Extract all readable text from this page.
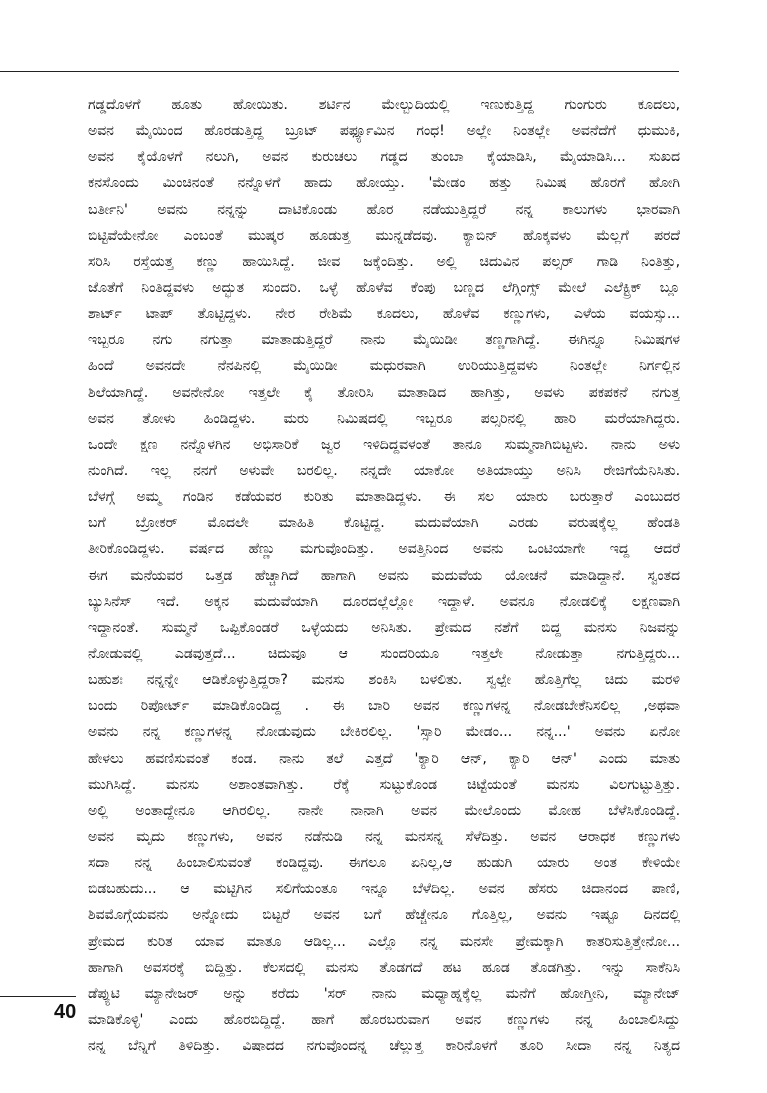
ಗಡ್ಡದೊಳಗೆ ಹೂತು ಹೋಯಿತು. ಶರ್ಟಿನ ಮೇಲ್ಬುದಿಯಲ್ಲಿ ಇಣುಕುತ್ತಿದ್ದ ಗುಂಗುರು ಕೂದಲು,
ಅವನ ಮೈಯಿಂದ ಹೊರಡುತ್ತಿದ್ದ ಬ್ರೂಟ್ ಪರ್ಫ್ಯೂಮಿನ ಗಂಧ! ಅಲ್ಲೇ ನಿಂತಲ್ಲೇ ಅವನೆದೆಗೆ ಧುಮುಕಿ,
ಅವನ ಕೈಯೊಳಗೆ ನಲುಗಿ, ಅವನ ಕುರುಚಲು ಗಡ್ಡದ ತುಂಬಾ ಕೈಯಾಡಿಸಿ, ಮೈಯಾಡಿಸಿ... ಸುಖದ
ಕನಸೊಂದು ಮಿಂಚಿನಂತೆ ನನ್ನೊಳಗೆ ಹಾದು ಹೋಯ್ತು. 'ಮೇಡಂ ಹತ್ತು ನಿಮಿಷ ಹೊರಗೆ ಹೋಗಿ
ಬರ್ತೀನಿ' ಅವನು ನನ್ನನ್ನು ದಾಟಿಕೊಂಡು ಹೊರ ನಡೆಯುತ್ತಿದ್ದರೆ ನನ್ನ ಕಾಲುಗಳು ಭಾರವಾಗಿ
ಬಿಟ್ಟಿವೆಯೇನೋ ಎಂಬಂತೆ ಮುಷ್ಕರ ಹೂಡುತ್ತ ಮುನ್ನಡೆದವು. ಕ್ಯಾಬಿನ್ ಹೊಕ್ಕವಳು ಮೆಲ್ಲಗೆ ಪರದೆ
ಸರಿಸಿ ರಸ್ತೆಯತ್ತ ಕಣ್ಣು ಹಾಯಿಸಿದ್ದೆ. ಜೀವ ಜಕ್ಕೆಂದಿತ್ತು. ಅಲ್ಲಿ ಚಿದುವಿನ ಪಲ್ಸರ್ ಗಾಡಿ ನಿಂತಿತ್ತು,
ಜೊತೆಗೆ ನಿಂತಿದ್ದವಳು ಅದ್ಭುತ ಸುಂದರಿ. ಒಳ್ಳೆ ಹೊಳೆವ ಕೆಂಪು ಬಣ್ಣದ ಲೆಗ್ಗಿಂಗ್ಸ್ ಮೇಲೆ ಎಲೆಕ್ಟ್ರಿಕ್ ಬ್ಲೂ
ಶಾರ್ಟ್ ಟಾಪ್ ತೊಟ್ಟಿದ್ದಳು. ನೇರ ರೇಶಿಮೆ ಕೂದಲು, ಹೊಳೆವ ಕಣ್ಣುಗಳು, ಎಳೆಯ ವಯಸ್ಸು...
ಇಬ್ಬರೂ ನಗು ನಗುತ್ತಾ ಮಾತಾಡುತ್ತಿದ್ದರೆ ನಾನು ಮೈಯಿಡೀ ತಣ್ಣಗಾಗಿದ್ದೆ. ಈಗಿನ್ನೂ ನಿಮಿಷಗಳ
ಹಿಂದೆ ಅವನದೇ ನೆನಪಿನಲ್ಲಿ ಮೈಯಿಡೀ ಮಧುರವಾಗಿ ಉರಿಯುತ್ತಿದ್ದವಳು ನಿಂತಲ್ಲೇ ನಿರ್ಗಲ್ಲಿನ
ಶಿಲೆಯಾಗಿದ್ದೆ. ಅವನೇನೋ ಇತ್ತಲೇ ಕೈ ತೋರಿಸಿ ಮಾತಾಡಿದ ಹಾಗಿತ್ತು, ಅವಳು ಪಕಪಕನೆ ನಗುತ್ತ
ಅವನ ತೋಳು ಹಿಂಡಿದ್ದಳು. ಮರು ನಿಮಿಷದಲ್ಲಿ ಇಬ್ಬರೂ ಪಲ್ಸರಿನಲ್ಲಿ ಹಾರಿ ಮರೆಯಾಗಿದ್ದರು.
ಒಂದೇ ಕ್ಷಣ ನನ್ನೊಳಗಿನ ಅಭಿಸಾರಿಕೆ ಜ್ವರ ಇಳಿದಿದ್ದವಳಂತೆ ತಾನೂ ಸುಮ್ಮನಾಗಿಬಿಟ್ಟಳು. ನಾನು ಅಳು
ನುಂಗಿದೆ. ಇಲ್ಲ ನನಗೆ ಅಳುವೇ ಬರಲಿಲ್ಲ. ನನ್ನದೇ ಯಾಕೋ ಅತಿಯಾಯ್ತು ಅನಿಸಿ ರೇಜಿಗೆಯೆನಿಸಿತು.
ಬೆಳಗ್ಗೆ ಅಮ್ಮ ಗಂಡಿನ ಕಡೆಯವರ ಕುರಿತು ಮಾತಾಡಿದ್ದಳು. ಈ ಸಲ ಯಾರು ಬರುತ್ತಾರೆ ಎಂಬುದರ
ಬಗೆ ಬ್ರೋಕರ್ ಮೊದಲೇ ಮಾಹಿತಿ ಕೊಟ್ಟಿದ್ದ. ಮದುವೆಯಾಗಿ ಎರಡು ವರುಷಕ್ಕೆಲ್ಲ ಹೆಂಡತಿ
ತೀರಿಕೊಂಡಿದ್ದಳು. ವರ್ಷದ ಹೆಣ್ಣು ಮಗುವೊಂದಿತ್ತು. ಅವತ್ತಿನಿಂದ ಅವನು ಒಂಟಿಯಾಗೇ ಇದ್ದ ಆದರೆ
ಈಗ ಮನೆಯವರ ಒತ್ತಡ ಹೆಚ್ಚಾಗಿದೆ ಹಾಗಾಗಿ ಅವನು ಮದುವೆಯ ಯೋಚನೆ ಮಾಡಿದ್ದಾನೆ. ಸ್ವಂತದ
ಬ್ಯುಸಿನೆಸ್ ಇದೆ. ಅಕ್ಕನ ಮದುವೆಯಾಗಿ ದೂರದಲ್ಲೆಲ್ಲೋ ಇದ್ದಾಳೆ. ಅವನೂ ನೋಡಲಿಕ್ಕೆ ಲಕ್ಷಣವಾಗಿ
ಇದ್ದಾನಂತೆ. ಸುಮ್ಮನೆ ಒಪ್ಪಿಕೊಂಡರೆ ಒಳ್ಳೆಯದು ಅನಿಸಿತು. ಪ್ರೇಮದ ನಶೆಗೆ ಬಿದ್ದ ಮನಸು ನಿಜವನ್ನು
ನೋಡುವಲ್ಲಿ ಎಡವುತ್ತದೆ... ಚಿದುವೂ ಆ ಸುಂದರಿಯೂ ಇತ್ತಲೇ ನೋಡುತ್ತಾ ನಗುತ್ತಿದ್ದರು...
ಬಹುಶಃ ನನ್ನನ್ನೇ ಆಡಿಕೊಳ್ಳುತ್ತಿದ್ದರಾ? ಮನಸು ಶಂಕಿಸಿ ಬಳಲಿತು. ಸ್ವಲ್ಪೇ ಹೊತ್ತಿಗೆಲ್ಲ ಚಿದು ಮರಳಿ
ಬಂದು ರಿಪೋರ್ಟ್ ಮಾಡಿಕೊಂಡಿದ್ದ . ಈ ಬಾರಿ ಅವನ ಕಣ್ಣುಗಳನ್ನ ನೋಡಬೇಕೆನಿಸಲಿಲ್ಲ ,ಅಥವಾ
ಅವನು ನನ್ನ ಕಣ್ಣುಗಳನ್ನ ನೋಡುವುದು ಬೇಕಿರಲಿಲ್ಲ. 'ಸ್ಸಾರಿ ಮೇಡಂ... ನನ್ನ...' ಅವನು ಏನೋ
ಹೇಳಲು ಹವಣಿಸುವಂತೆ ಕಂಡ. ನಾನು ತಲೆ ಎತ್ತದೆ 'ಕ್ಯಾರಿ ಆನ್, ಕ್ಯಾರಿ ಆನ್' ಎಂದು ಮಾತು
ಮುಗಿಸಿದ್ದೆ. ಮನಸು ಅಶಾಂತವಾಗಿತ್ತು. ರೆಕ್ಕೆ ಸುಟ್ಟುಕೊಂಡ ಚಿಟ್ಟೆಯಂತೆ ಮನಸು ವಿಲಗುಟ್ಟುತ್ತಿತ್ತು.
ಅಲ್ಲಿ ಅಂತಾದ್ದೇನೂ ಆಗಿರಲಿಲ್ಲ. ನಾನೇ ನಾನಾಗಿ ಅವನ ಮೇಲೊಂದು ಮೋಹ ಬೆಳೆಸಿಕೊಂಡಿದ್ದೆ.
ಅವನ ಮೃದು ಕಣ್ಣುಗಳು, ಅವನ ನಡೆನುಡಿ ನನ್ನ ಮನಸನ್ನ ಸೆಳೆದಿತ್ತು. ಅವನ ಆರಾಧಕ ಕಣ್ಣುಗಳು
ಸದಾ ನನ್ನ ಹಿಂಬಾಲಿಸುವಂತೆ ಕಂಡಿದ್ದವು. ಈಗಲೂ ಏನಿಲ್ಲ,ಆ ಹುಡುಗಿ ಯಾರು ಅಂತ ಕೇಳಿಯೇ
ಬಿಡಬಹುದು... ಆ ಮಟ್ಟಿಗಿನ ಸಲಿಗೆಯಂತೂ ಇನ್ನೂ ಬೆಳೆದಿಲ್ಲ. ಅವನ ಹೆಸರು ಚಿದಾನಂದ ಪಾಣಿ,
ಶಿವಮೊಗ್ಗೆಯವನು ಅನ್ನೋದು ಬಿಟ್ಟರೆ ಅವನ ಬಗೆ ಹೆಚ್ಚೇನೂ ಗೊತ್ತಿಲ್ಲ, ಅವನು ಇಷ್ಟೂ ದಿನದಲ್ಲಿ
ಪ್ರೇಮದ ಕುರಿತ ಯಾವ ಮಾತೂ ಆಡಿಲ್ಲ... ಎಲ್ಲೊ ನನ್ನ ಮನಸೇ ಪ್ರೇಮಕ್ಕಾಗಿ ಕಾತರಿಸುತ್ತಿತ್ತೇನೋ...
ಹಾಗಾಗಿ ಅವಸರಕ್ಕೆ ಬಿದ್ದಿತ್ತು. ಕೆಲಸದಲ್ಲಿ ಮನಸು ತೊಡಗದೆ ಹಟ ಹೂಡ ತೊಡಗಿತ್ತು. ಇನ್ನು ಸಾಕೆನಿಸಿ
ಡೆಪ್ಯುಟಿ ಮ್ಯಾನೇಜರ್ ಅನ್ನು ಕರೆದು 'ಸರ್ ನಾನು ಮಧ್ಯಾಹ್ನಕ್ಕೆಲ್ಲ ಮನೆಗೆ ಹೋಗ್ತೀನಿ, ಮ್ಯಾನೇಜ್
ಮಾಡಿಕೊಳ್ಳಿ' ಎಂದು ಹೊರಬಿದ್ದಿದ್ದೆ. ಹಾಗೆ ಹೊರಬರುವಾಗ ಅವನ ಕಣ್ಣುಗಳು ನನ್ನ ಹಿಂಬಾಲಿಸಿದ್ದು
ನನ್ನ ಬೆನ್ನಿಗೆ ತಿಳಿದಿತ್ತು. ವಿಷಾದದ ನಗುವೊಂದನ್ನ ಚೆಲ್ಲುತ್ತ ಕಾರಿನೊಳಗೆ ತೂರಿ ಸೀದಾ ನನ್ನ ನಿತ್ಯದ
40
